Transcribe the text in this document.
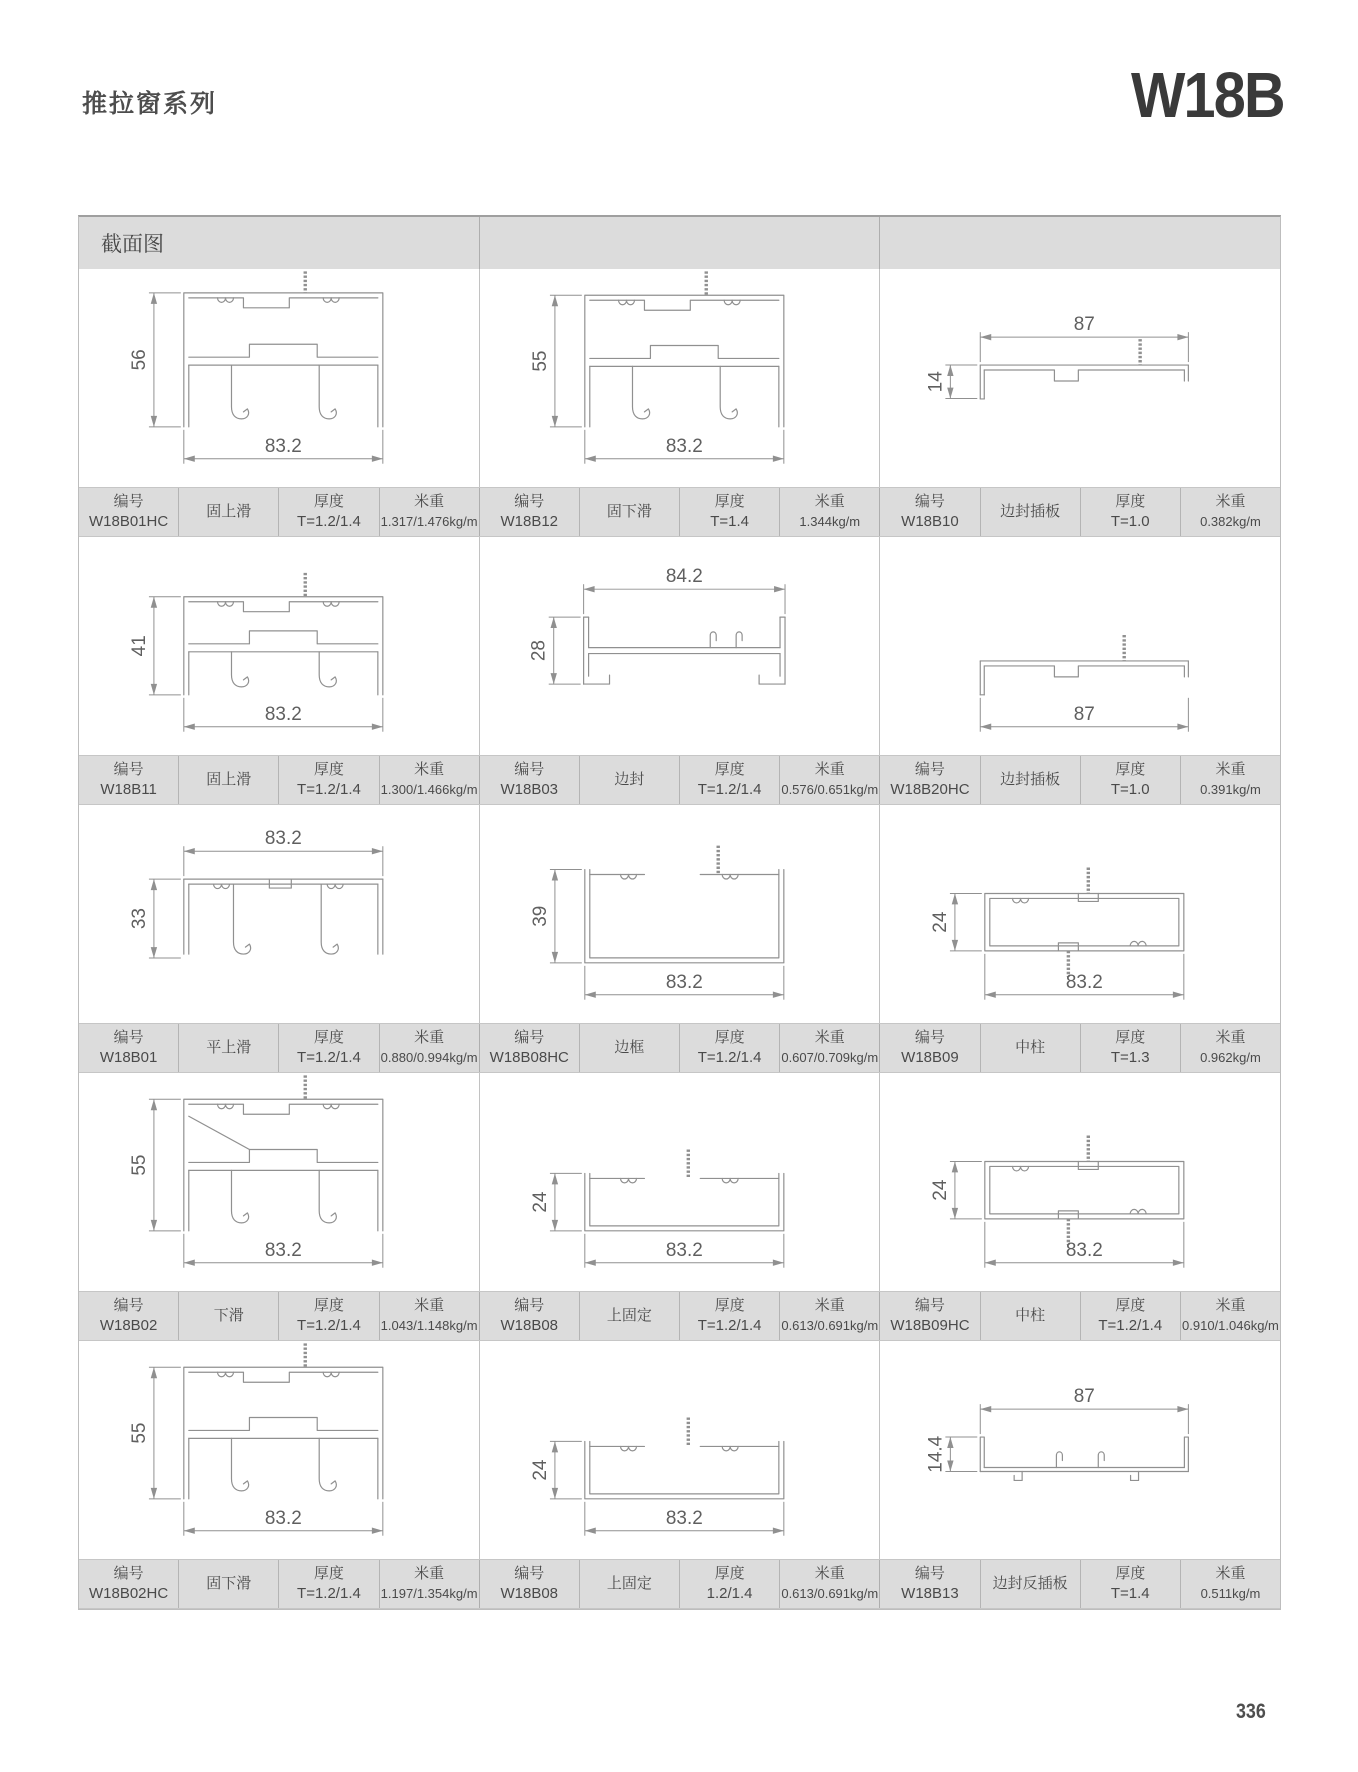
推拉窗系列	W18B
截面图
83.2
56
83.2
55
87
14
编号
W18B01HC
固上滑
厚度
T=1.2/1.4
米重
1.317/1.476kg/m
编号
W18B12
固下滑
厚度
T=1.4
米重
1.344kg/m
编号
W18B10
边封插板
厚度
T=1.0
米重
0.382kg/m
83.2
41
84.2
28
87
编号
W18B11
固上滑
厚度
T=1.2/1.4
米重
1.300/1.466kg/m
编号
W18B03
边封
厚度
T=1.2/1.4
米重
0.576/0.651kg/m
编号
W18B20HC
边封插板
厚度
T=1.0
米重
0.391kg/m
83.2
33
83.2
39
83.2
24
编号
W18B01
平上滑
厚度
T=1.2/1.4
米重
0.880/0.994kg/m
编号
W18B08HC
边框
厚度
T=1.2/1.4
米重
0.607/0.709kg/m
编号
W18B09
中柱
厚度
T=1.3
米重
0.962kg/m
83.2
55
83.2
24
83.2
24
编号
W18B02
下滑
厚度
T=1.2/1.4
米重
1.043/1.148kg/m
编号
W18B08
上固定
厚度
T=1.2/1.4
米重
0.613/0.691kg/m
编号
W18B09HC
中柱
厚度
T=1.2/1.4
米重
0.910/1.046kg/m
83.2
55
83.2
24
87
14.4
编号
W18B02HC
固下滑
厚度
T=1.2/1.4
米重
1.197/1.354kg/m
编号
W18B08
上固定
厚度
1.2/1.4
米重
0.613/0.691kg/m
编号
W18B13
边封反插板
厚度
T=1.4
米重
0.511kg/m
336
